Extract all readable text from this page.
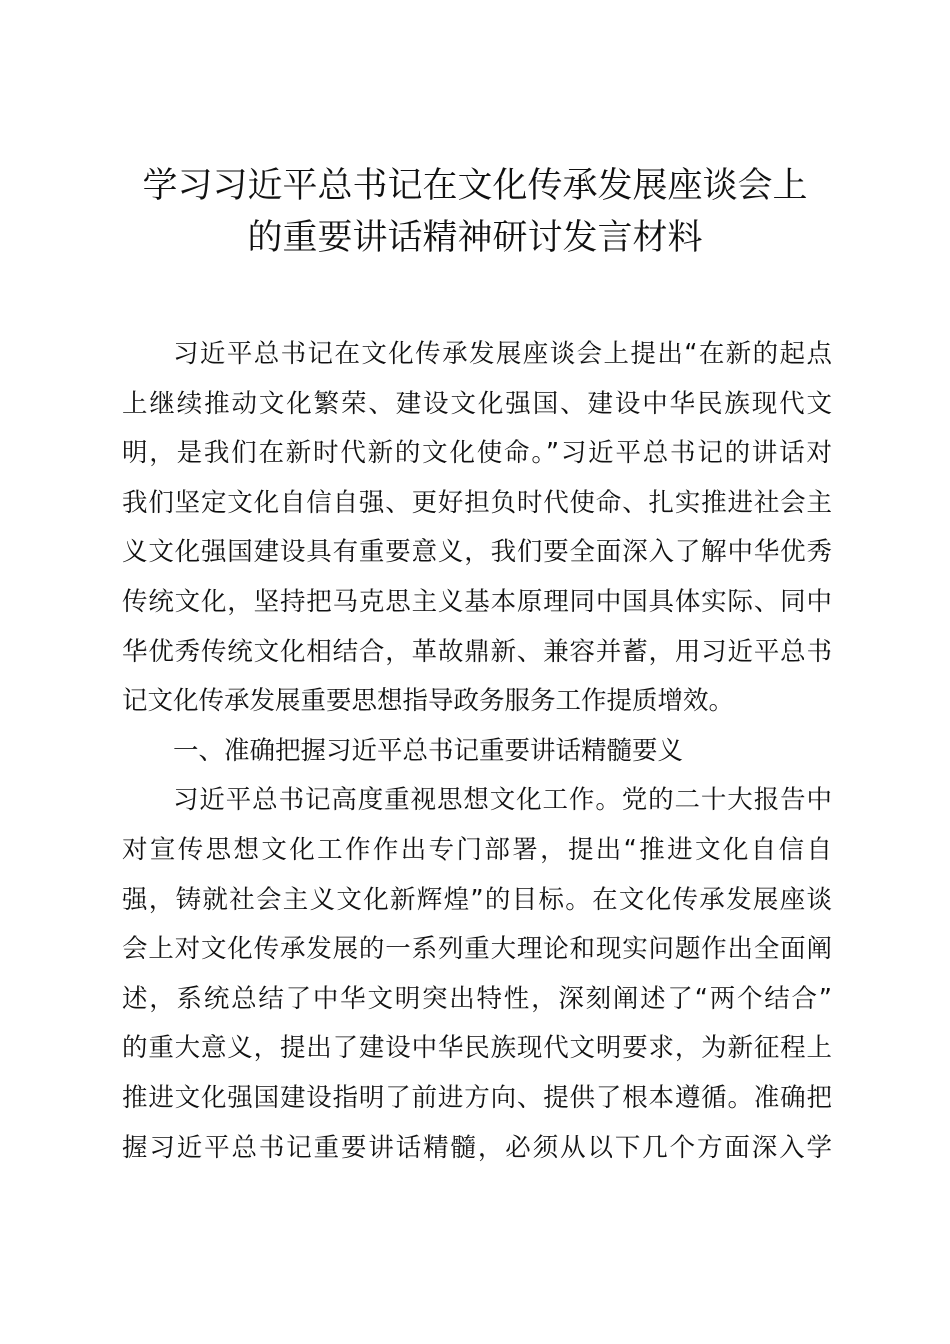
学习习近平总书记在文化传承发展座谈会上
的重要讲话精神研讨发言材料
习近平总书记在文化传承发展座谈会上提出“在新的起点
上继续推动文化繁荣、建设文化强国、建设中华民族现代文
明，是我们在新时代新的文化使命。”习近平总书记的讲话对
我们坚定文化自信自强、更好担负时代使命、扎实推进社会主
义文化强国建设具有重要意义，我们要全面深入了解中华优秀
传统文化，坚持把马克思主义基本原理同中国具体实际、同中
华优秀传统文化相结合，革故鼎新、兼容并蓄，用习近平总书
记文化传承发展重要思想指导政务服务工作提质增效。
一、准确把握习近平总书记重要讲话精髓要义
习近平总书记高度重视思想文化工作。党的二十大报告中
对宣传思想文化工作作出专门部署，提出“推进文化自信自
强，铸就社会主义文化新辉煌”的目标。在文化传承发展座谈
会上对文化传承发展的一系列重大理论和现实问题作出全面阐
述，系统总结了中华文明突出特性，深刻阐述了“两个结合”
的重大意义，提出了建设中华民族现代文明要求，为新征程上
推进文化强国建设指明了前进方向、提供了根本遵循。准确把
握习近平总书记重要讲话精髓，必须从以下几个方面深入学
